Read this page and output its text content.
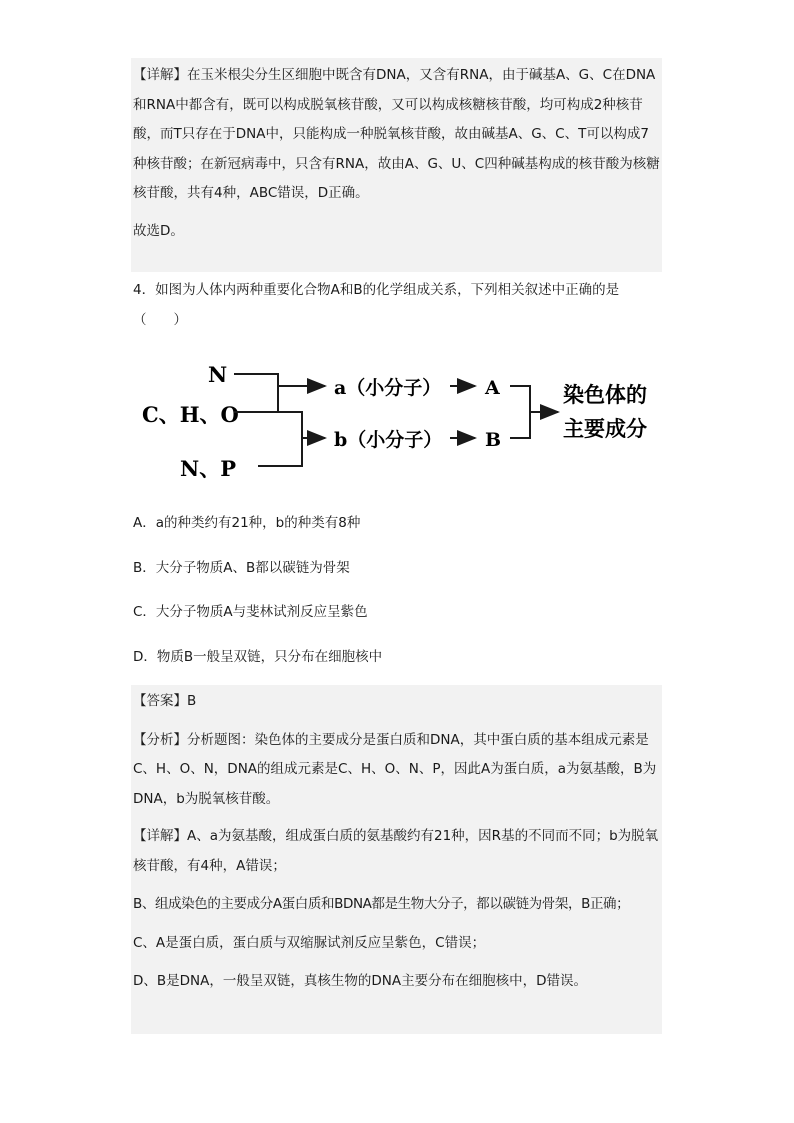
【详解】在玉米根尖分生区细胞中既含有DNA，又含有RNA，由于碱基A、G、C在DNA和RNA中都含有，既可以构成脱氧核苷酸，又可以构成核糖核苷酸，均可构成2种核苷酸，而T只存在于DNA中，只能构成一种脱氧核苷酸，故由碱基A、G、C、T可以构成7种核苷酸；在新冠病毒中，只含有RNA，故由A、G、U、C四种碱基构成的核苷酸为核糖核苷酸，共有4种，ABC错误，D正确。

故选D。

4．如图为人体内两种重要化合物A和B的化学组成关系，下列相关叙述中正确的是（　　）
N
C、H、O
N、P
a（小分子）
b（小分子）
A
B
染色体的
主要成分
A．a的种类约有21种，b的种类有8种
B．大分子物质A、B都以碳链为骨架
C．大分子物质A与斐林试剂反应呈紫色
D．物质B一般呈双链，只分布在细胞核中

【答案】B

【分析】分析题图：染色体的主要成分是蛋白质和DNA，其中蛋白质的基本组成元素是C、H、O、N，DNA的组成元素是C、H、O、N、P，因此A为蛋白质，a为氨基酸，B为DNA，b为脱氧核苷酸。

【详解】A、a为氨基酸，组成蛋白质的氨基酸约有21种，因R基的不同而不同；b为脱氧核苷酸，有4种，A错误；

B、组成染色的主要成分A蛋白质和BDNA都是生物大分子，都以碳链为骨架，B正确；

C、A是蛋白质，蛋白质与双缩脲试剂反应呈紫色，C错误；

D、B是DNA，一般呈双链，真核生物的DNA主要分布在细胞核中，D错误。
